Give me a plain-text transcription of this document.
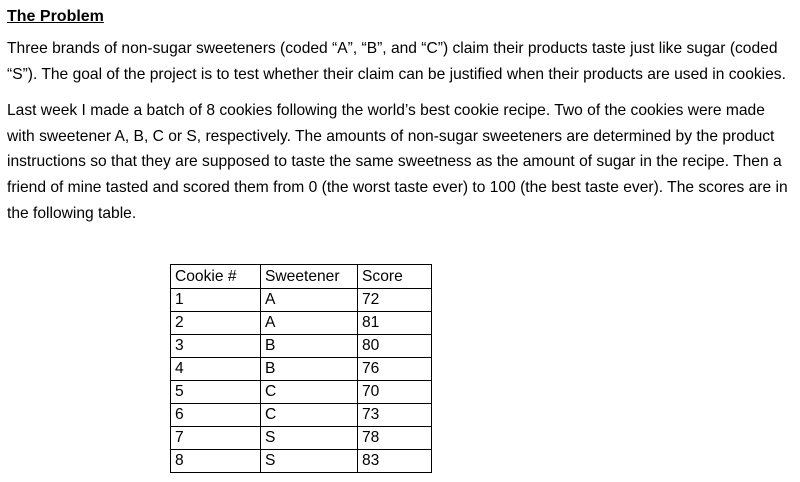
The Problem

Three brands of non-sugar sweeteners (coded “A”, “B”, and “C”) claim their products taste just like sugar (coded “S”). The goal of the project is to test whether their claim can be justified when their products are used in cookies.

Last week I made a batch of 8 cookies following the world’s best cookie recipe. Two of the cookies were made with sweetener A, B, C or S, respectively. The amounts of non-sugar sweeteners are determined by the product instructions so that they are supposed to taste the same sweetness as the amount of sugar in the recipe. Then a friend of mine tasted and scored them from 0 (the worst taste ever) to 100 (the best taste ever). The scores are in the following table.

Cookie #	Sweetener	Score
1	A	72
2	A	81
3	B	80
4	B	76
5	C	70
6	C	73
7	S	78
8	S	83
